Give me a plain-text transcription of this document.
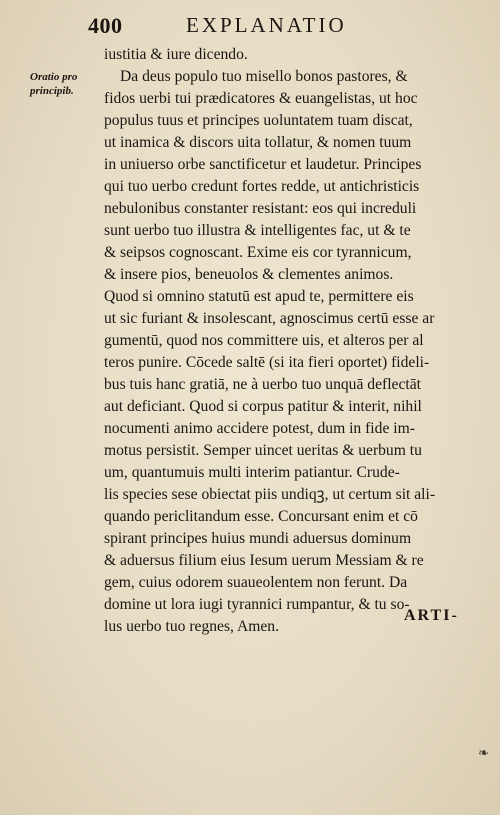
400	EXPLANATIO
Oratio pro
principib.
iustitia & iure dicendo.
Da deus populo tuo misello bonos pastores, &
fidos uerbi tui prædicatores & euangelistas, ut hoc
populus tuus et principes uoluntatem tuam discat,
ut inamica & discors uita tollatur, & nomen tuum
in uniuerso orbe sanctificetur et laudetur. Principes
qui tuo uerbo credunt fortes redde, ut antichristicis
nebulonibus constanter resistant: eos qui increduli
sunt uerbo tuo illustra & intelligentes fac, ut & te
& seipsos cognoscant. Exime eis cor tyrannicum,
& insere pios, beneuolos & clementes animos.
Quod si omnino statutū est apud te, permittere eis
ut sic furiant & insolescant, agnoscimus certū esse ar
gumentū, quod nos committere uis, et alteros per al
teros punire. Cōcede saltē (si ita fieri oportet) fideli-
bus tuis hanc gratiā, ne à uerbo tuo unquā deflectāt
aut deficiant. Quod si corpus patitur & interit, nihil
nocumenti animo accidere potest, dum in fide im-
motus persistit. Semper uincet ueritas & uerbum tu
um, quantumuis multi interim patiantur. Crude-
lis species sese obiectat piis undiqꝫ, ut certum sit ali-
quando periclitandum esse. Concursant enim et cō
spirant principes huius mundi aduersus dominum
& aduersus filium eius Iesum uerum Messiam & re
gem, cuius odorem suaueolentem non ferunt. Da
domine ut lora iugi tyrannici rumpantur, & tu so-
lus uerbo tuo regnes, Amen.
ARTI-
❧
